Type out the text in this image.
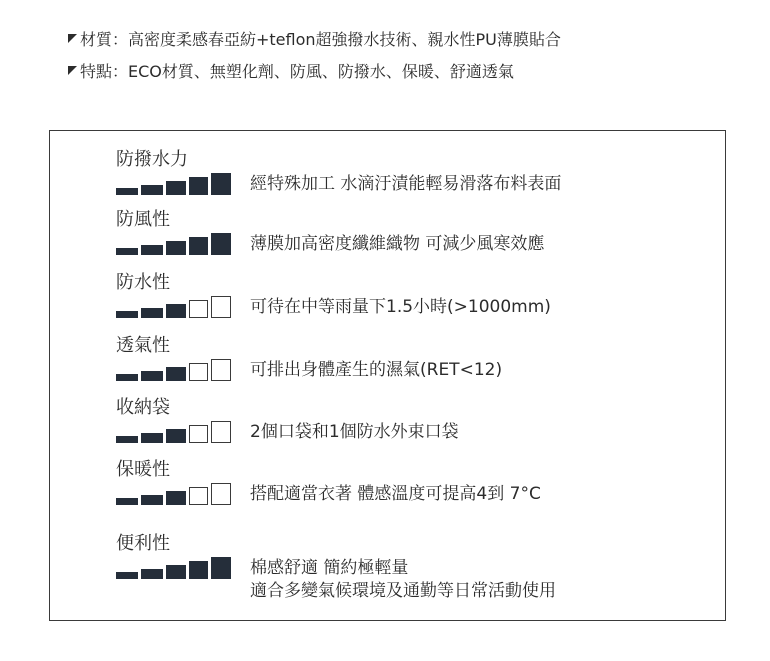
材質：高密度柔感春亞紡+teflon超強撥水技術、親水性PU薄膜貼合
特點：ECO材質、無塑化劑、防風、防撥水、保暖、舒適透氣
防撥水力
經特殊加工 水滴汙漬能輕易滑落布料表面
防風性
薄膜加高密度纖維織物 可減少風寒效應
防水性
可待在中等雨量下1.5小時(>1000mm)
透氣性
可排出身體產生的濕氣(RET<12)
收納袋
2個口袋和1個防水外束口袋
保暖性
搭配適當衣著 體感溫度可提高4到 7°C
便利性
棉感舒適 簡約極輕量
適合多變氣候環境及通勤等日常活動使用
